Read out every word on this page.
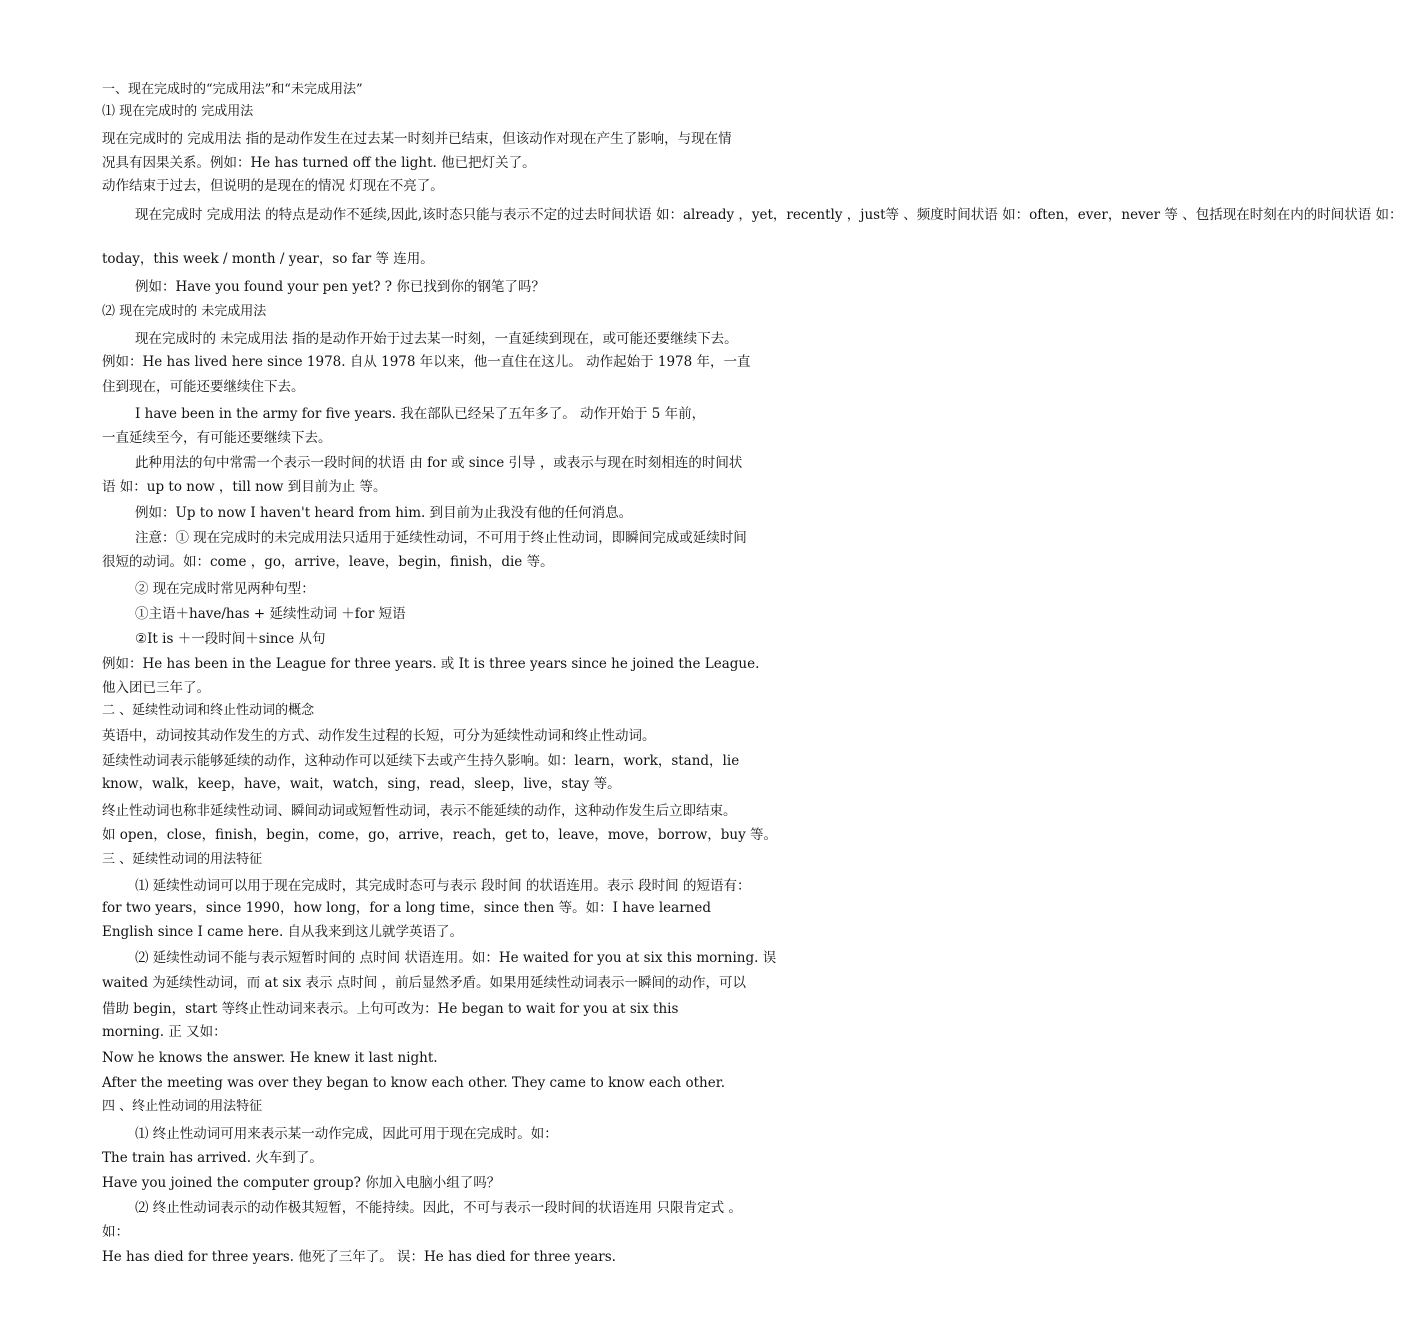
一、现在完成时的“完成用法”和“未完成用法”
⑴ 现在完成时的 完成用法
现在完成时的 完成用法 指的是动作发生在过去某一时刻并已结束，但该动作对现在产生了影响，与现在情
况具有因果关系。例如：He has turned off the light. 他已把灯关了。
动作结束于过去，但说明的是现在的情况 灯现在不亮了。
现在完成时 完成用法 的特点是动作不延续,因此,该时态只能与表示不定的过去时间状语 如：already ，yet，recently ，just等 、频度时间状语 如：often，ever，never 等 、包括现在时刻在内的时间状语 如：
today，this week / month / year，so far 等 连用。
例如：Have you found your pen yet? ? 你已找到你的钢笔了吗？
⑵ 现在完成时的 未完成用法
现在完成时的 未完成用法 指的是动作开始于过去某一时刻，一直延续到现在，或可能还要继续下去。
例如：He has lived here since 1978. 自从 1978 年以来，他一直住在这儿。 动作起始于 1978 年，一直
住到现在，可能还要继续住下去。
I have been in the army for five years. 我在部队已经呆了五年多了。 动作开始于 5 年前，
一直延续至今，有可能还要继续下去。
此种用法的句中常需一个表示一段时间的状语 由 for 或 since 引导 ，或表示与现在时刻相连的时间状
语 如：up to now ，till now 到目前为止 等。
例如：Up to now I haven't heard from him. 到目前为止我没有他的任何消息。
注意：① 现在完成时的未完成用法只适用于延续性动词，不可用于终止性动词，即瞬间完成或延续时间
很短的动词。如：come ，go，arrive，leave，begin，finish，die 等。
② 现在完成时常见两种句型：
①主语＋have/has + 延续性动词 ＋for 短语
②It is ＋一段时间＋since 从句
例如：He has been in the League for three years. 或 It is three years since he joined the League.
他入团已三年了。
二 、延续性动词和终止性动词的概念
英语中，动词按其动作发生的方式、动作发生过程的长短，可分为延续性动词和终止性动词。
延续性动词表示能够延续的动作，这种动作可以延续下去或产生持久影响。如：learn，work，stand，lie
know，walk，keep，have，wait，watch，sing，read，sleep，live，stay 等。
终止性动词也称非延续性动词、瞬间动词或短暂性动词，表示不能延续的动作，这种动作发生后立即结束。
如 open，close，finish，begin，come，go，arrive，reach，get to，leave，move，borrow，buy 等。
三 、延续性动词的用法特征
⑴ 延续性动词可以用于现在完成时，其完成时态可与表示 段时间 的状语连用。表示 段时间 的短语有：
for two years，since 1990，how long，for a long time，since then 等。如：I have learned
English since I came here. 自从我来到这儿就学英语了。
⑵ 延续性动词不能与表示短暂时间的 点时间 状语连用。如：He waited for you at six this morning. 误
waited 为延续性动词，而 at six 表示 点时间 ，前后显然矛盾。如果用延续性动词表示一瞬间的动作，可以
借助 begin，start 等终止性动词来表示。上句可改为：He began to wait for you at six this
morning. 正 又如：
Now he knows the answer. He knew it last night.
After the meeting was over they began to know each other. They came to know each other.
四 、终止性动词的用法特征
⑴ 终止性动词可用来表示某一动作完成，因此可用于现在完成时。如：
The train has arrived. 火车到了。
Have you joined the computer group? 你加入电脑小组了吗？
⑵ 终止性动词表示的动作极其短暂，不能持续。因此，不可与表示一段时间的状语连用 只限肯定式 。
如：
He has died for three years. 他死了三年了。 误：He has died for three years.
